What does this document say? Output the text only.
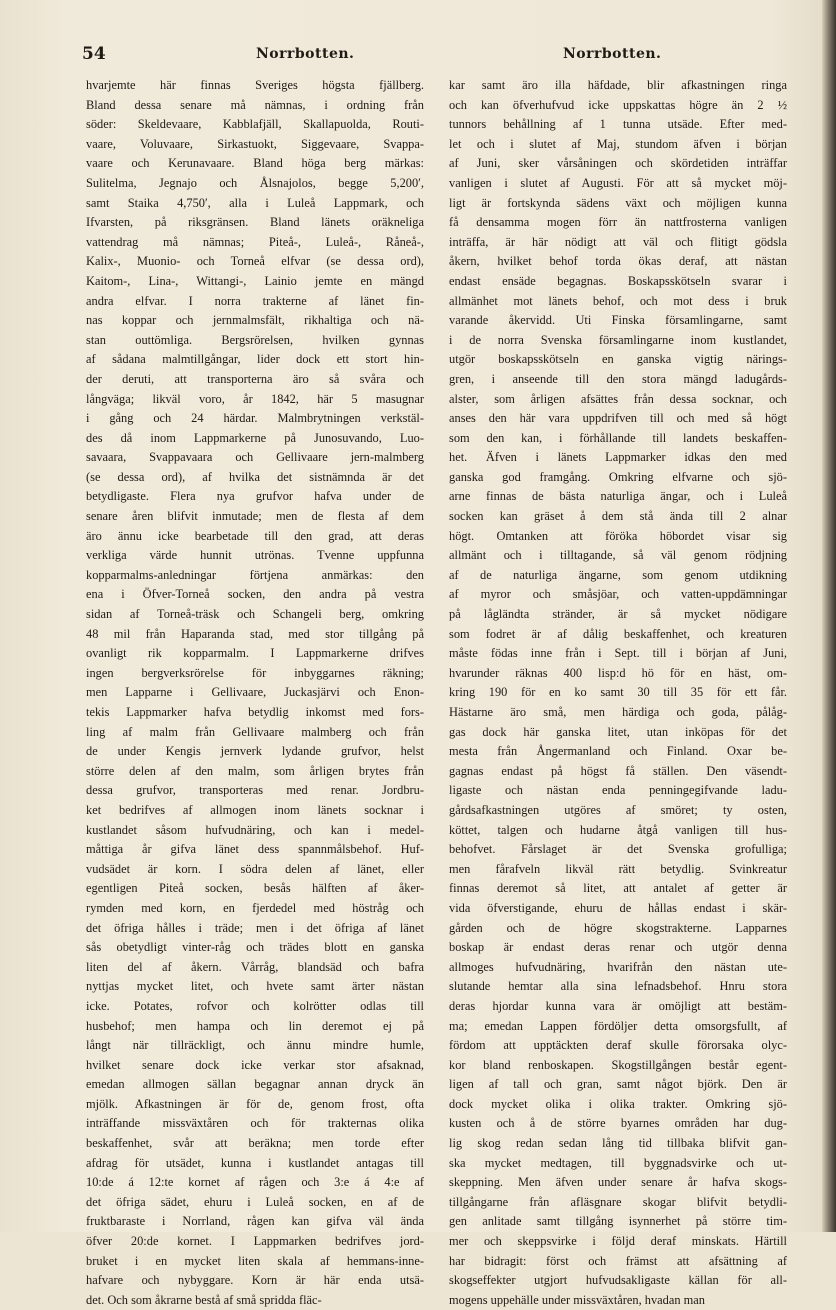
54	Norrbotten.	Norrbotten.
hvarjemte här finnas Sveriges högsta fjällberg.
Bland dessa senare må nämnas, i ordning från
söder: Skeldevaare, Kabblafjäll, Skallapuolda, Routi-
vaare, Voluvaare, Sirkastuokt, Siggevaare, Svappa-
vaare och Kerunavaare. Bland höga berg märkas:
Sulitelma, Jegnajo och Ålsnajolos, begge 5,200′,
samt Staika 4,750′, alla i Luleå Lappmark, och
Ifvarsten, på riksgränsen. Bland länets oräkneliga
vattendrag må nämnas; Piteå-, Luleå-, Råneå-,
Kalix-, Muonio- och Torneå elfvar (se dessa ord),
Kaitom-, Lina-, Wittangi-, Lainio jemte en mängd
andra elfvar. I norra trakterne af länet fin-
nas koppar och jernmalmsfält, rikhaltiga och nä-
stan outtömliga. Bergsrörelsen, hvilken gynnas
af sådana malmtillgångar, lider dock ett stort hin-
der deruti, att transporterna äro så svåra och
långväga; likväl voro, år 1842, här 5 masugnar
i gång och 24 härdar. Malmbrytningen verkstäl-
des då inom Lappmarkerne på Junosuvando, Luo-
savaara, Svappavaara och Gellivaare jern-malmberg
(se dessa ord), af hvilka det sistnämnda är det
betydligaste. Flera nya grufvor hafva under de
senare åren blifvit inmutade; men de flesta af dem
äro ännu icke bearbetade till den grad, att deras
verkliga värde hunnit utrönas. Tvenne uppfunna
kopparmalms-anledningar förtjena anmärkas: den
ena i Öfver-Torneå socken, den andra på vestra
sidan af Torneå-träsk och Schangeli berg, omkring
48 mil från Haparanda stad, med stor tillgång på
ovanligt rik kopparmalm. I Lappmarkerne drifves
ingen bergverksrörelse för inbyggarnes räkning;
men Lapparne i Gellivaare, Juckasjärvi och Enon-
tekis Lappmarker hafva betydlig inkomst med fors-
ling af malm från Gellivaare malmberg och från
de under Kengis jernverk lydande grufvor, helst
större delen af den malm, som årligen brytes från
dessa grufvor, transporteras med renar. Jordbru-
ket bedrifves af allmogen inom länets socknar i
kustlandet såsom hufvudnäring, och kan i medel-
måttiga år gifva länet dess spannmålsbehof. Huf-
vudsädet är korn. I södra delen af länet, eller
egentligen Piteå socken, besås hälften af åker-
rymden med korn, en fjerdedel med höstråg och
det öfriga hålles i träde; men i det öfriga af länet
sås obetydligt vinter-råg och trädes blott en ganska
liten del af åkern. Vårråg, blandsäd och bafra
nyttjas mycket litet, och hvete samt ärter nästan
icke. Potates, rofvor och kolrötter odlas till
husbehof; men hampa och lin deremot ej på
långt när tillräckligt, och ännu mindre humle,
hvilket senare dock icke verkar stor afsaknad,
emedan allmogen sällan begagnar annan dryck än
mjölk. Afkastningen är för de, genom frost, ofta
inträffande missväxtåren och för trakternas olika
beskaffenhet, svår att beräkna; men torde efter
afdrag för utsädet, kunna i kustlandet antagas till
10:de á 12:te kornet af rågen och 3:e á 4:e af
det öfriga sädet, ehuru i Luleå socken, en af de
fruktbaraste i Norrland, rågen kan gifva väl ända
öfver 20:de kornet. I Lappmarken bedrifves jord-
bruket i en mycket liten skala af hemmans-inne-
hafvare och nybyggare. Korn är här enda utsä-
det. Och som åkrarne bestå af små spridda fläc-
kar samt äro illa häfdade, blir afkastningen ringa
och kan öfverhufvud icke uppskattas högre än 2 ½
tunnors behållning af 1 tunna utsäde. Efter med-
let och i slutet af Maj, stundom äfven i början
af Juni, sker vårsåningen och skördetiden inträffar
vanligen i slutet af Augusti. För att så mycket möj-
ligt är fortskynda sädens växt och möjligen kunna
få densamma mogen förr än nattfrosterna vanligen
inträffa, är här nödigt att väl och flitigt gödsla
åkern, hvilket behof torda ökas deraf, att nästan
endast ensäde begagnas. Boskapsskötseln svarar i
allmänhet mot länets behof, och mot dess i bruk
varande åkervidd. Uti Finska församlingarne, samt
i de norra Svenska församlingarne inom kustlandet,
utgör boskapsskötseln en ganska vigtig närings-
gren, i anseende till den stora mängd ladugårds-
alster, som årligen afsättes från dessa socknar, och
anses den här vara uppdrifven till och med så högt
som den kan, i förhållande till landets beskaffen-
het. Äfven i länets Lappmarker idkas den med
ganska god framgång. Omkring elfvarne och sjö-
arne finnas de bästa naturliga ängar, och i Luleå
socken kan gräset å dem stå ända till 2 alnar
högt. Omtanken att föröka höbordet visar sig
allmänt och i tilltagande, så väl genom rödjning
af de naturliga ängarne, som genom utdikning
af myror och småsjöar, och vatten-uppdämningar
på lågländta stränder, är så mycket nödigare
som fodret är af dålig beskaffenhet, och kreaturen
måste födas inne från i Sept. till i början af Juni,
hvarunder räknas 400 lisp:d hö för en häst, om-
kring 190 för en ko samt 30 till 35 för ett får.
Hästarne äro små, men härdiga och goda, pålåg-
gas dock här ganska litet, utan inköpas för det
mesta från Ångermanland och Finland. Oxar be-
gagnas endast på högst få ställen. Den väsendt-
ligaste och nästan enda penningegifvande ladu-
gårdsafkastningen utgöres af smöret; ty osten,
köttet, talgen och hudarne åtgå vanligen till hus-
behofvet. Fårslaget är det Svenska grofulliga;
men fårafveln likväl rätt betydlig. Svinkreatur
finnas deremot så litet, att antalet af getter är
vida öfverstigande, ehuru de hållas endast i skär-
gården och de högre skogstrakterne. Lapparnes
boskap är endast deras renar och utgör denna
allmoges hufvudnäring, hvarifrån den nästan ute-
slutande hemtar alla sina lefnadsbehof. Hnru stora
deras hjordar kunna vara är omöjligt att bestäm-
ma; emedan Lappen fördöljer detta omsorgsfullt, af
fördom att upptäckten deraf skulle förorsaka olyc-
kor bland renboskapen. Skogstillgången består egent-
ligen af tall och gran, samt något björk. Den är
dock mycket olika i olika trakter. Omkring sjö-
kusten och å de större byarnes områden har dug-
lig skog redan sedan lång tid tillbaka blifvit gan-
ska mycket medtagen, till byggnadsvirke och ut-
skeppning. Men äfven under senare år hafva skogs-
tillgångarne från afläsgnare skogar blifvit betydli-
gen anlitade samt tillgång isynnerhet på större tim-
mer och skeppsvirke i följd deraf minskats. Härtill
har bidragit: först och främst att afsättning af
skogseffekter utgjort hufvudsakligaste källan för all-
mogens uppehälle under missväxtåren, hvadan man
